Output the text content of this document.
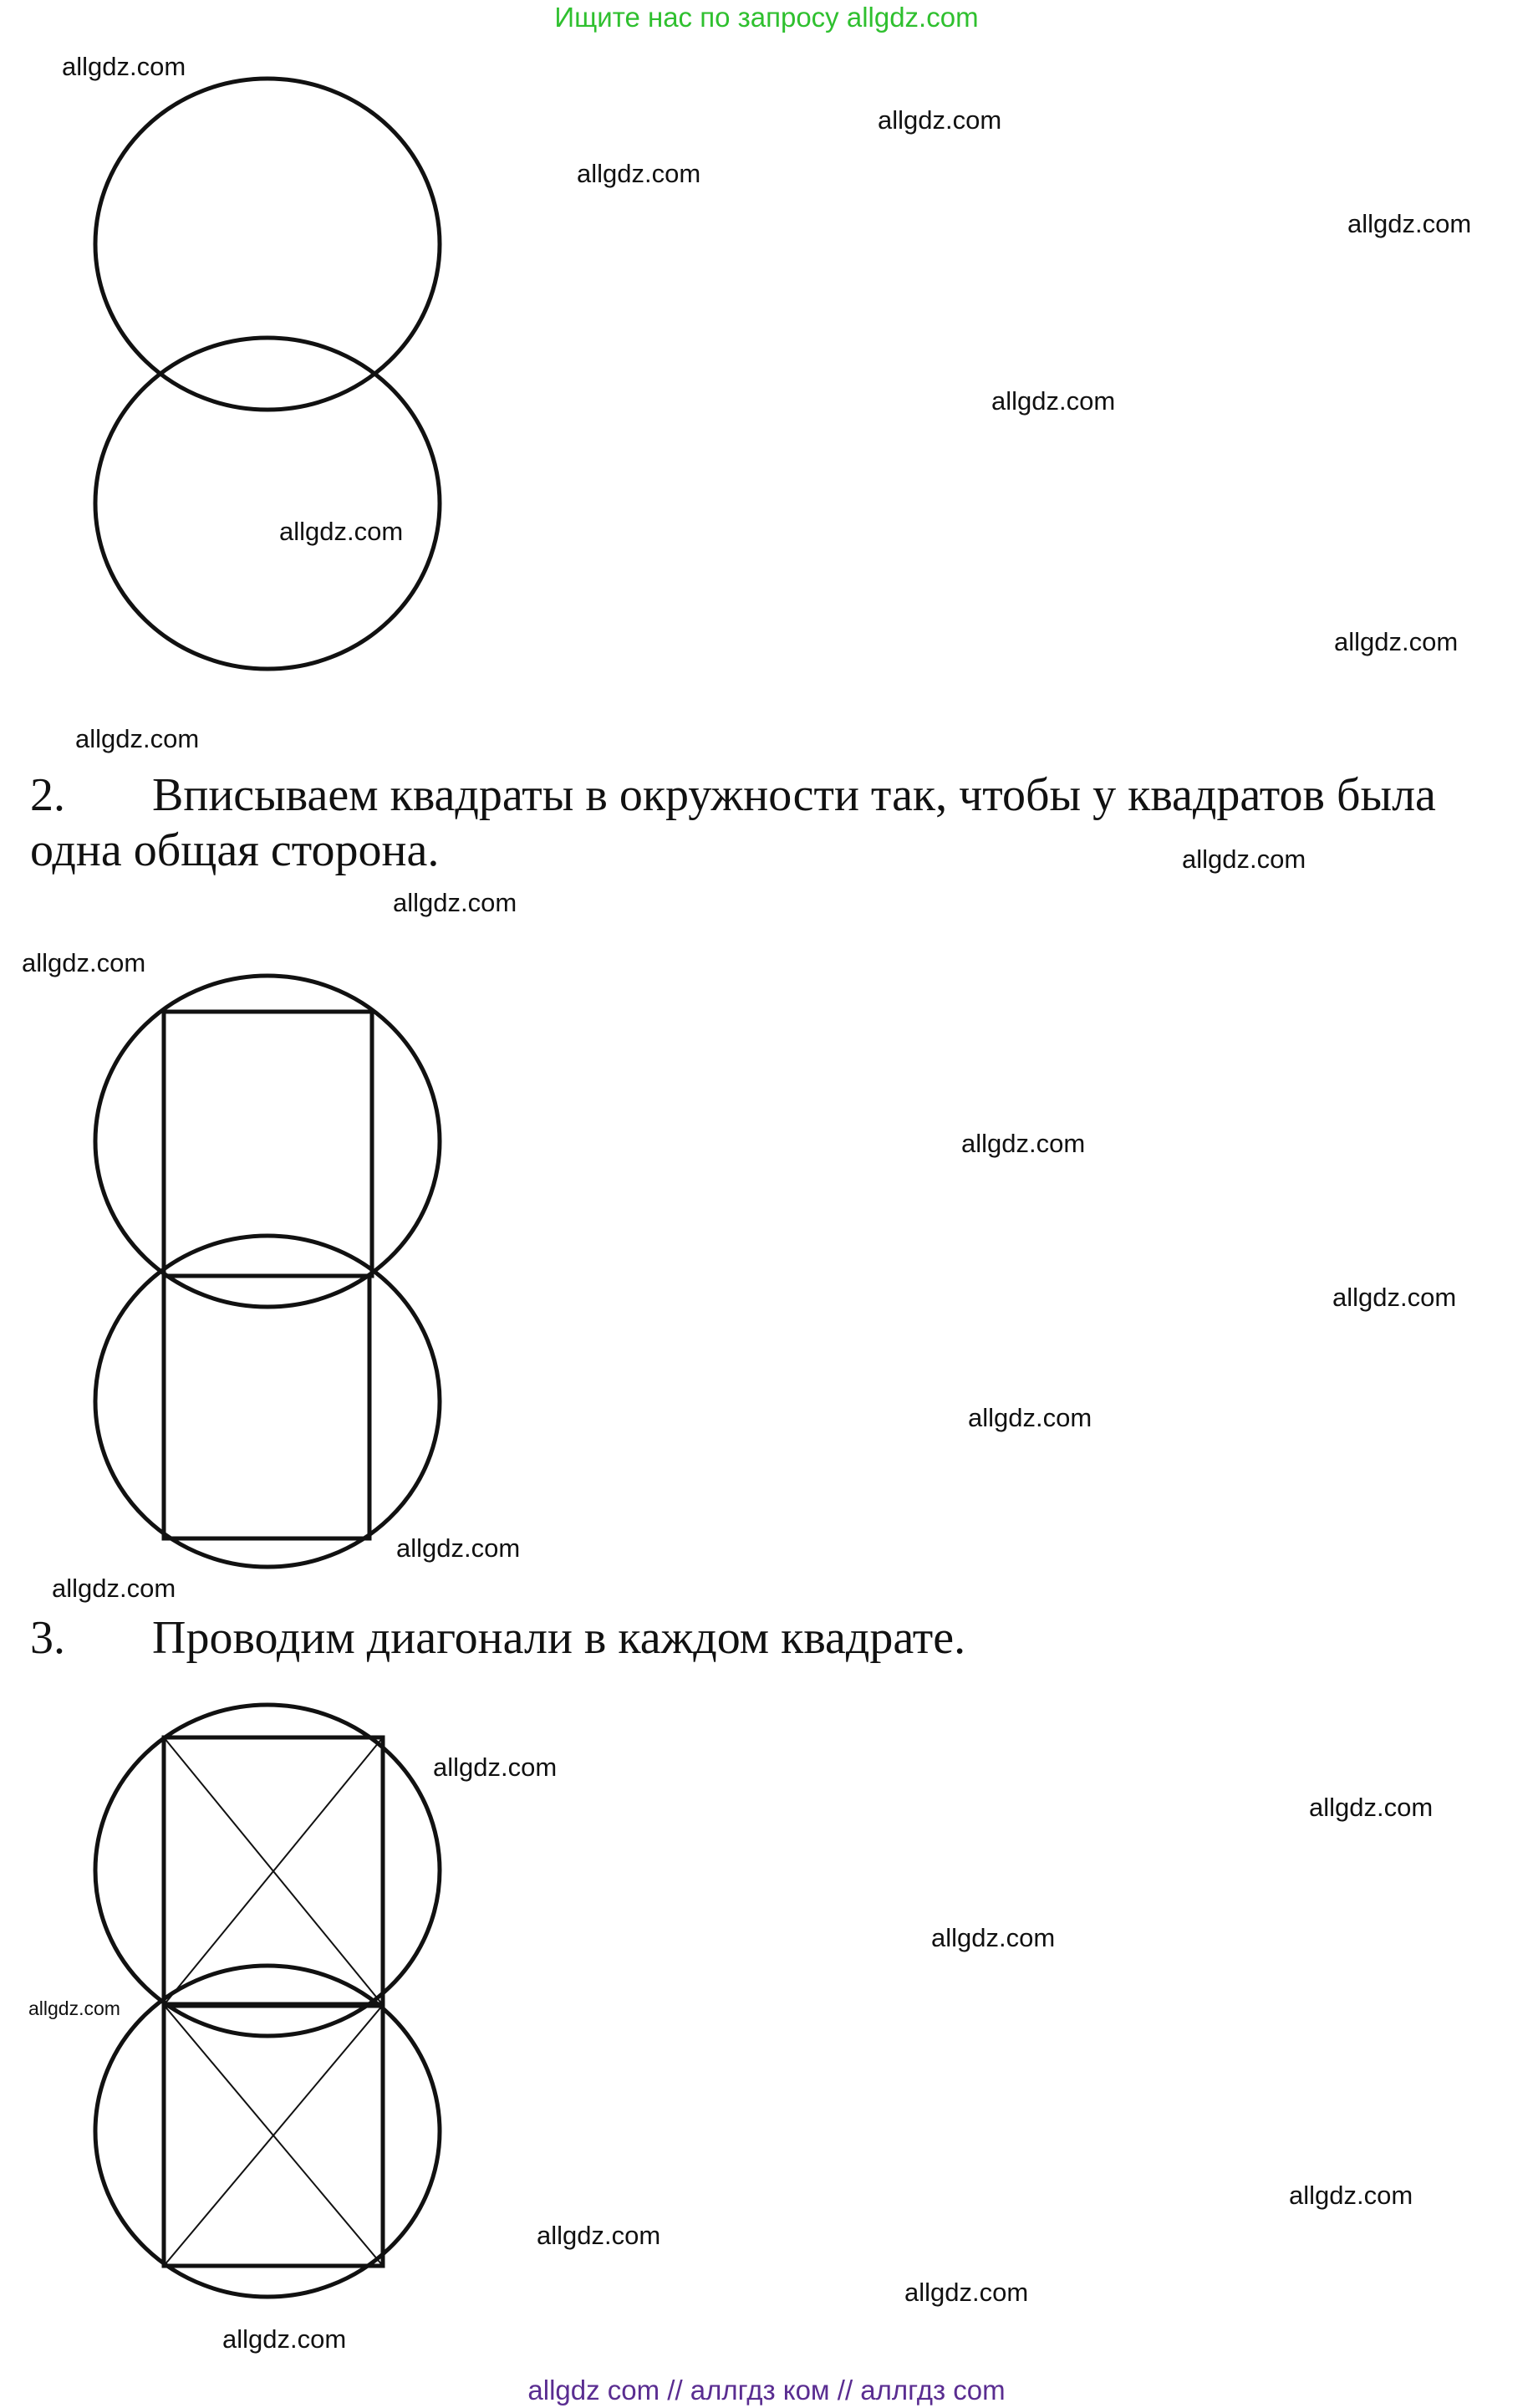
Ищите нас по запросу allgdz.com
2. Вписываем квадраты в окружности так, чтобы у квадратов была
одна общая сторона.
3. Проводим диагонали в каждом квадрате.
allgdz.com
allgdz.com
allgdz.com
allgdz.com
allgdz.com
allgdz.com
allgdz.com
allgdz.com
allgdz.com
allgdz.com
allgdz.com
allgdz.com
allgdz.com
allgdz.com
allgdz.com
allgdz.com
allgdz.com
allgdz.com
allgdz.com
allgdz.com
allgdz.com
allgdz.com
allgdz.com
allgdz.com
allgdz com // аллгдз ком // аллгдз com
